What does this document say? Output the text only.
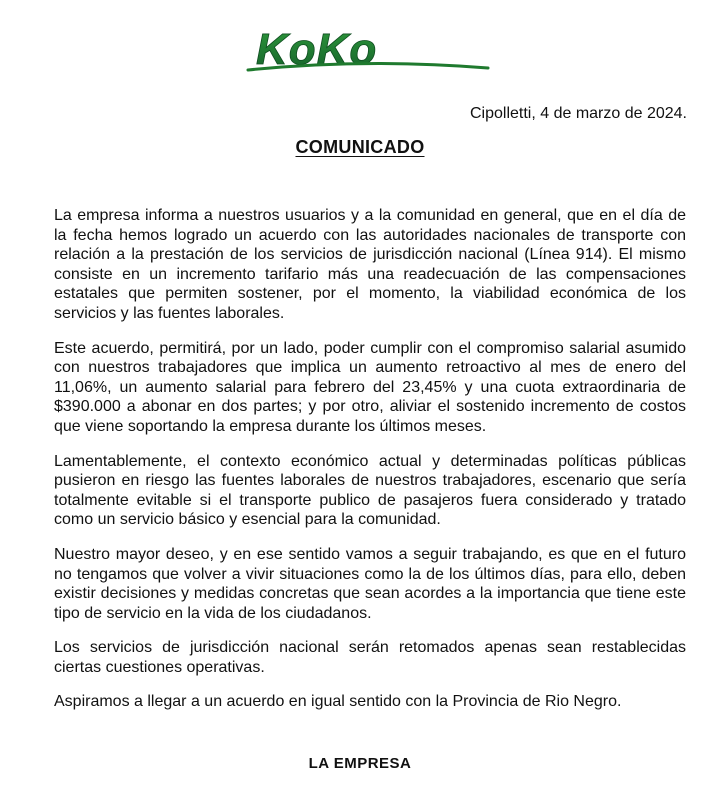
KoKo
Cipolletti, 4 de marzo de 2024.
COMUNICADO

La empresa informa a nuestros usuarios y a la comunidad en general, que en el día de la fecha hemos logrado un acuerdo con las autoridades nacionales de transporte con relación a la prestación de los servicios de jurisdicción nacional (Línea 914). El mismo consiste en un incremento tarifario más una readecuación de las compensaciones estatales que permiten sostener, por el momento, la viabilidad económica de los servicios y las fuentes laborales.

Este acuerdo, permitirá, por un lado, poder cumplir con el compromiso salarial asumido con nuestros trabajadores que implica un aumento retroactivo al mes de enero del 11,06%, un aumento salarial para febrero del 23,45% y una cuota extraordinaria de $390.000 a abonar en dos partes; y por otro, aliviar el sostenido incremento de costos que viene soportando la empresa durante los últimos meses.

Lamentablemente, el contexto económico actual y determinadas políticas públicas pusieron en riesgo las fuentes laborales de nuestros trabajadores, escenario que sería totalmente evitable si el transporte publico de pasajeros fuera considerado y tratado como un servicio básico y esencial para la comunidad.

Nuestro mayor deseo, y en ese sentido vamos a seguir trabajando, es que en el futuro no tengamos que volver a vivir situaciones como la de los últimos días, para ello, deben existir decisiones y medidas concretas que sean acordes a la importancia que tiene este tipo de servicio en la vida de los ciudadanos.

Los servicios de jurisdicción nacional serán retomados apenas sean restablecidas ciertas cuestiones operativas.

Aspiramos a llegar a un acuerdo en igual sentido con la Provincia de Rio Negro.

LA EMPRESA
